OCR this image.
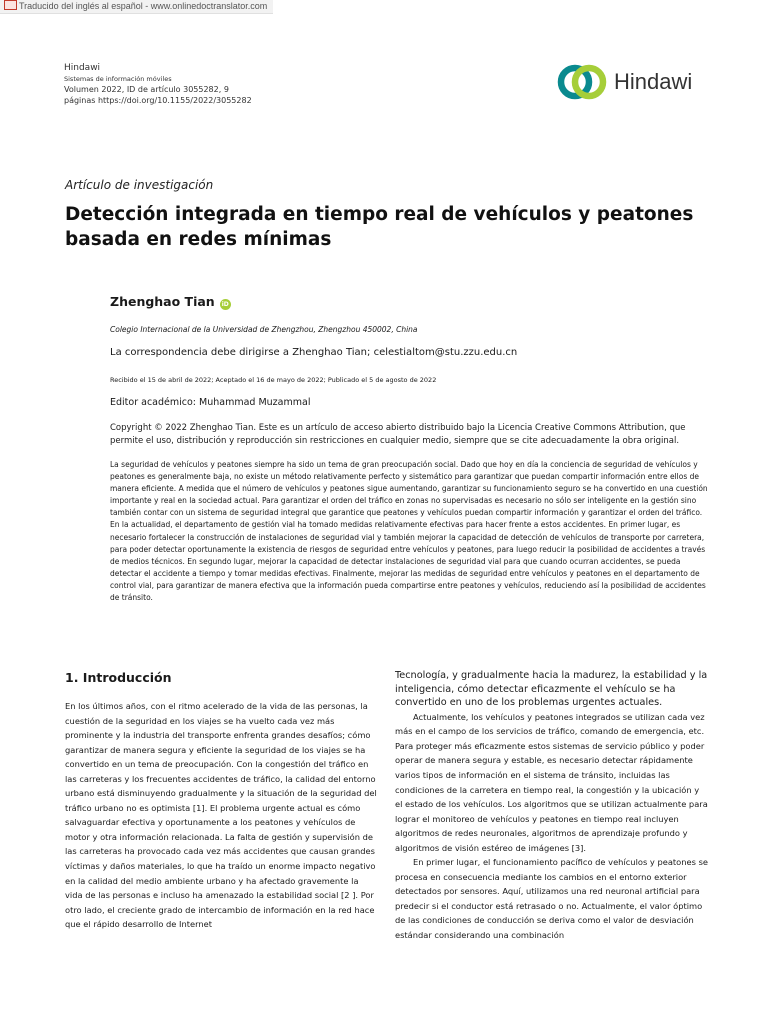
Traducido del inglés al español - www.onlinedoctranslator.com
Hindawi
Sistemas de información móviles
Volumen 2022, ID de artículo 3055282, 9
páginas https://doi.org/10.1155/2022/3055282
Hindawi
Artículo de investigación
Detección integrada en tiempo real de vehículos y peatones basada en redes mínimas
Zhenghao Tian iD
Colegio Internacional de la Universidad de Zhengzhou, Zhengzhou 450002, China
La correspondencia debe dirigirse a Zhenghao Tian; celestialtom@stu.zzu.edu.cn
Recibido el 15 de abril de 2022; Aceptado el 16 de mayo de 2022; Publicado el 5 de agosto de 2022
Editor académico: Muhammad Muzammal

Copyright © 2022 Zhenghao Tian. Este es un artículo de acceso abierto distribuido bajo la Licencia Creative Commons Attribution, que permite el uso, distribución y reproducción sin restricciones en cualquier medio, siempre que se cite adecuadamente la obra original.

La seguridad de vehículos y peatones siempre ha sido un tema de gran preocupación social. Dado que hoy en día la conciencia de seguridad de vehículos y peatones es generalmente baja, no existe un método relativamente perfecto y sistemático para garantizar que puedan compartir información entre ellos de manera eficiente. A medida que el número de vehículos y peatones sigue aumentando, garantizar su funcionamiento seguro se ha convertido en una cuestión importante y real en la sociedad actual. Para garantizar el orden del tráfico en zonas no supervisadas es necesario no sólo ser inteligente en la gestión sino también contar con un sistema de seguridad integral que garantice que peatones y vehículos puedan compartir información y garantizar el orden del tráfico. En la actualidad, el departamento de gestión vial ha tomado medidas relativamente efectivas para hacer frente a estos accidentes. En primer lugar, es necesario fortalecer la construcción de instalaciones de seguridad vial y también mejorar la capacidad de detección de vehículos de transporte por carretera, para poder detectar oportunamente la existencia de riesgos de seguridad entre vehículos y peatones, para luego reducir la posibilidad de accidentes a través de medios técnicos. En segundo lugar, mejorar la capacidad de detectar instalaciones de seguridad vial para que cuando ocurran accidentes, se pueda detectar el accidente a tiempo y tomar medidas efectivas. Finalmente, mejorar las medidas de seguridad entre vehículos y peatones en el departamento de control vial, para garantizar de manera efectiva que la información pueda compartirse entre peatones y vehículos, reduciendo así la posibilidad de accidentes de tránsito.

1. Introducción

En los últimos años, con el ritmo acelerado de la vida de las personas, la cuestión de la seguridad en los viajes se ha vuelto cada vez más prominente y la industria del transporte enfrenta grandes desafíos; cómo garantizar de manera segura y eficiente la seguridad de los viajes se ha convertido en un tema de preocupación. Con la congestión del tráfico en las carreteras y los frecuentes accidentes de tráfico, la calidad del entorno urbano está disminuyendo gradualmente y la situación de la seguridad del tráfico urbano no es optimista [1]. El problema urgente actual es cómo salvaguardar efectiva y oportunamente a los peatones y vehículos de motor y otra información relacionada. La falta de gestión y supervisión de las carreteras ha provocado cada vez más accidentes que causan grandes víctimas y daños materiales, lo que ha traído un enorme impacto negativo en la calidad del medio ambiente urbano y ha afectado gravemente la vida de las personas e incluso ha amenazado la estabilidad social [2 ]. Por otro lado, el creciente grado de intercambio de información en la red hace que el rápido desarrollo de Internet

Tecnología, y gradualmente hacia la madurez, la estabilidad y la inteligencia, cómo detectar eficazmente el vehículo se ha convertido en uno de los problemas urgentes actuales.

Actualmente, los vehículos y peatones integrados se utilizan cada vez más en el campo de los servicios de tráfico, comando de emergencia, etc. Para proteger más eficazmente estos sistemas de servicio público y poder operar de manera segura y estable, es necesario detectar rápidamente varios tipos de información en el sistema de tránsito, incluidas las condiciones de la carretera en tiempo real, la congestión y la ubicación y el estado de los vehículos. Los algoritmos que se utilizan actualmente para lograr el monitoreo de vehículos y peatones en tiempo real incluyen algoritmos de redes neuronales, algoritmos de aprendizaje profundo y algoritmos de visión estéreo de imágenes [3].

En primer lugar, el funcionamiento pacífico de vehículos y peatones se procesa en consecuencia mediante los cambios en el entorno exterior detectados por sensores. Aquí, utilizamos una red neuronal artificial para predecir si el conductor está retrasado o no. Actualmente, el valor óptimo de las condiciones de conducción se deriva como el valor de desviación estándar considerando una combinación
